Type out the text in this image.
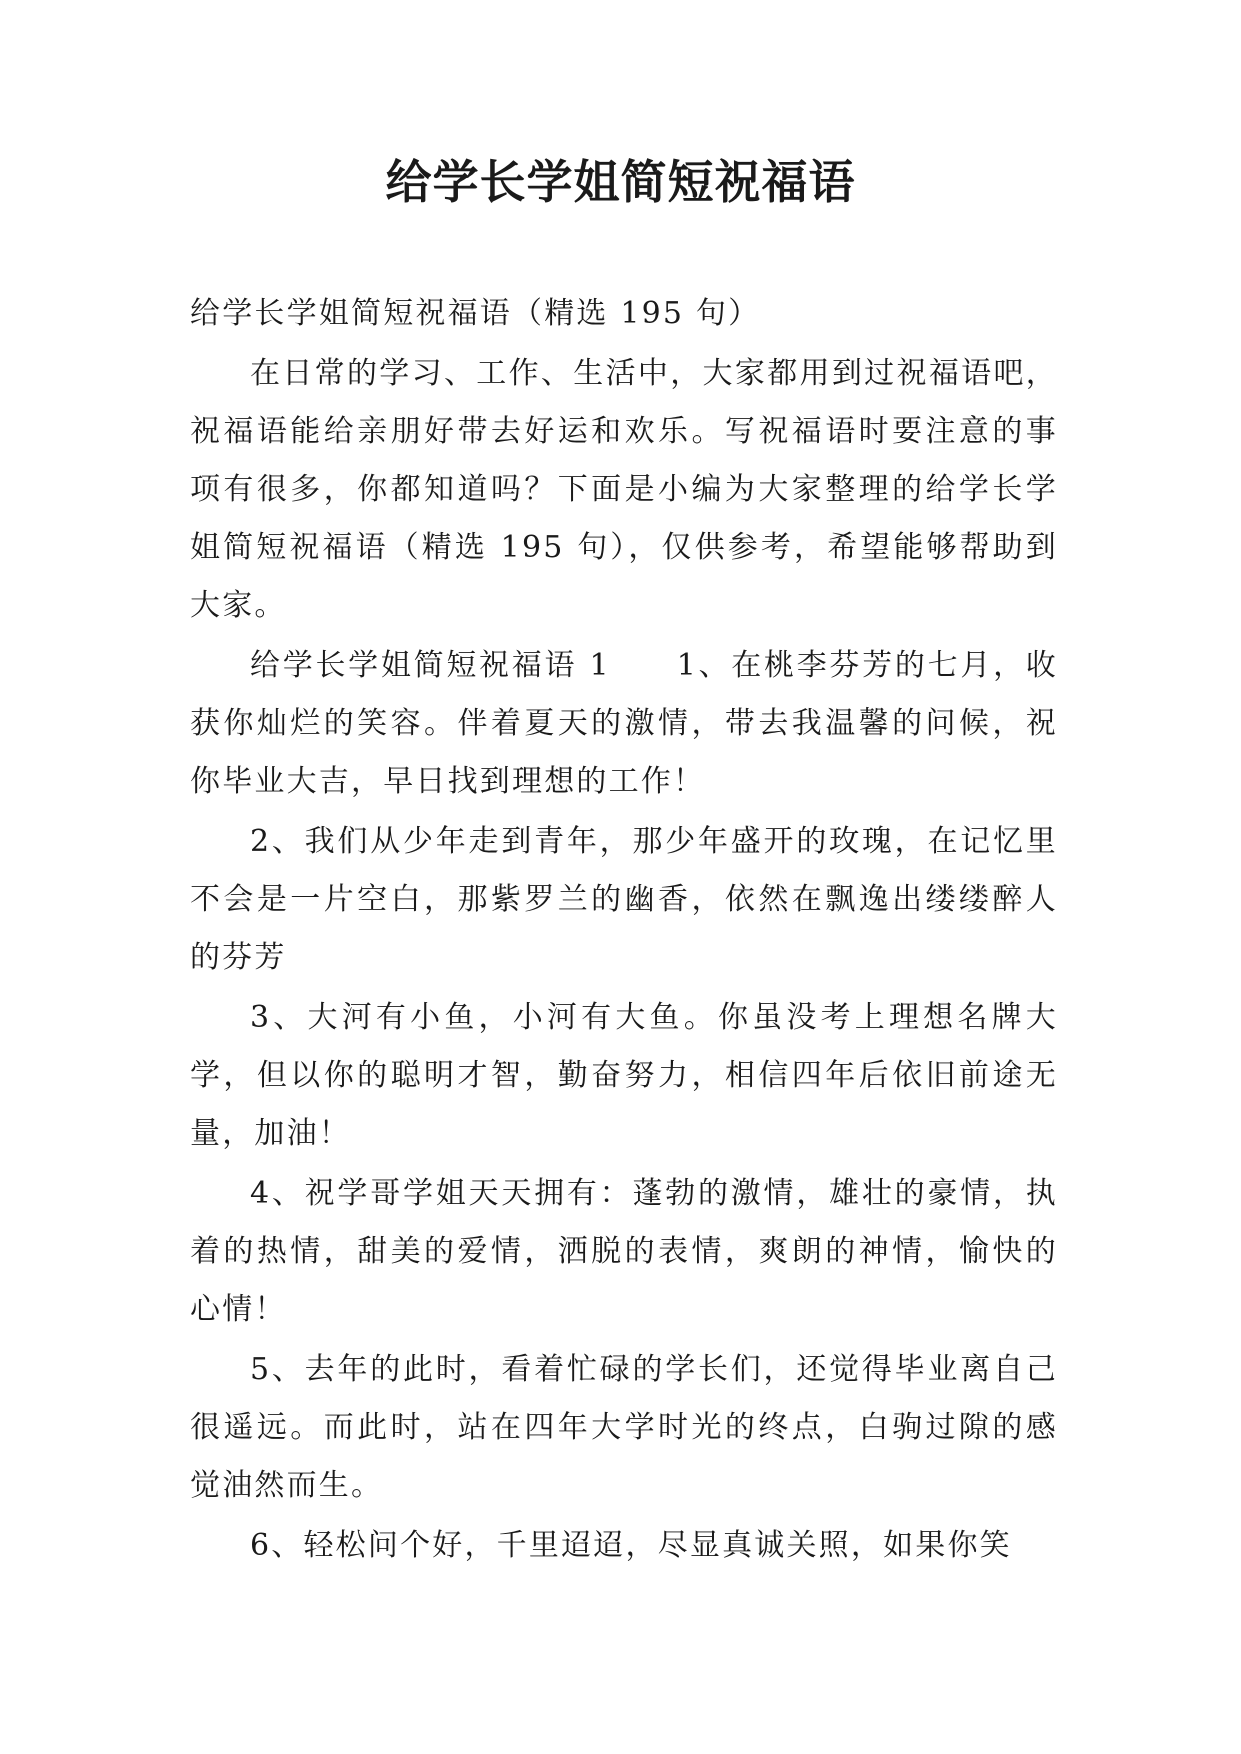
给学长学姐简短祝福语

给学长学姐简短祝福语（精选 195 句）

在日常的学习、工作、生活中，大家都用到过祝福语吧，祝福语能给亲朋好带去好运和欢乐。写祝福语时要注意的事项有很多，你都知道吗？下面是小编为大家整理的给学长学姐简短祝福语（精选 195 句），仅供参考，希望能够帮助到大家。

给学长学姐简短祝福语 1　　1、在桃李芬芳的七月，收获你灿烂的笑容。伴着夏天的激情，带去我温馨的问候，祝你毕业大吉，早日找到理想的工作！

2、我们从少年走到青年，那少年盛开的玫瑰，在记忆里不会是一片空白，那紫罗兰的幽香，依然在飘逸出缕缕醉人的芬芳

3、大河有小鱼，小河有大鱼。你虽没考上理想名牌大学，但以你的聪明才智，勤奋努力，相信四年后依旧前途无量，加油！

4、祝学哥学姐天天拥有：蓬勃的激情，雄壮的豪情，执着的热情，甜美的爱情，洒脱的表情，爽朗的神情，愉快的心情！

5、去年的此时，看着忙碌的学长们，还觉得毕业离自己很遥远。而此时，站在四年大学时光的终点，白驹过隙的感觉油然而生。

6、轻松问个好，千里迢迢，尽显真诚关照，如果你笑
